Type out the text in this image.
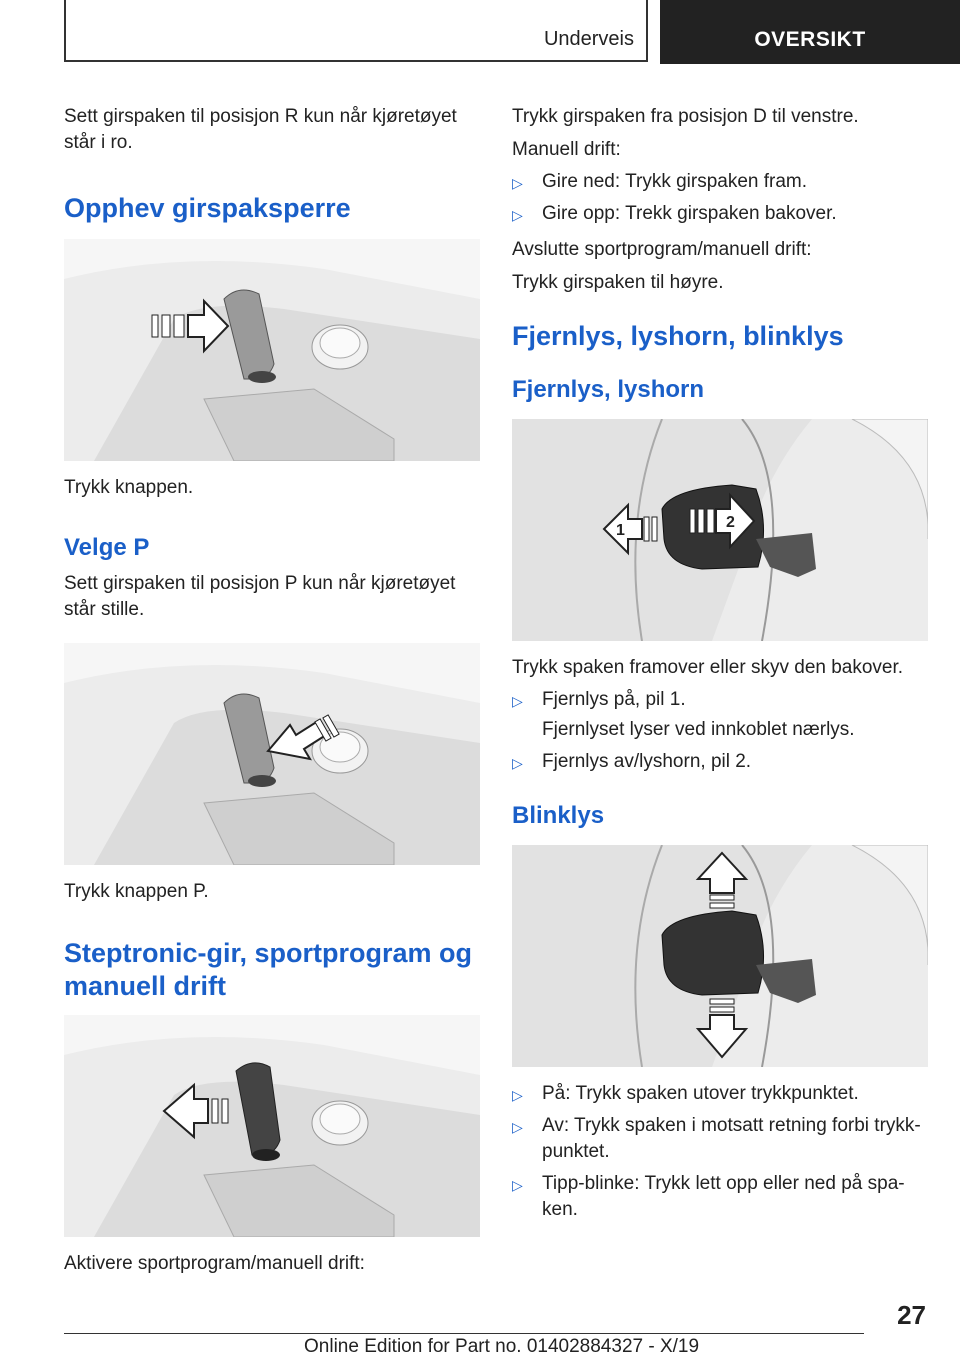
Underveis	OVERSIKT

Sett girspaken til posisjon R kun når kjøretøyet står i ro.

Opphev girspaksperre

Trykk knappen.

Velge P

Sett girspaken til posisjon P kun når kjøretøyet står stille.

Trykk knappen P.

Steptronic-gir, sportprogram og manuell drift

Aktivere sportprogram/manuell drift:

Trykk girspaken fra posisjon D til venstre.

Manuell drift:

▷ Gire ned: Trykk girspaken fram.
▷ Gire opp: Trekk girspaken bakover.

Avslutte sportprogram/manuell drift:

Trykk girspaken til høyre.

Fjernlys, lyshorn, blinklys
Fjernlys, lyshorn
1	2

Trykk spaken framover eller skyv den bakover.

▷ Fjernlys på, pil 1.
Fjernlyset lyser ved innkoblet nærlys.
▷ Fjernlys av/lyshorn, pil 2.
Blinklys
▷ På: Trykk spaken utover trykkpunktet.
▷ Av: Trykk spaken i motsatt retning forbi trykk-punktet.
▷ Tipp-blinke: Trykk lett opp eller ned på spa-ken.
27
Online Edition for Part no. 01402884327 - X/19
